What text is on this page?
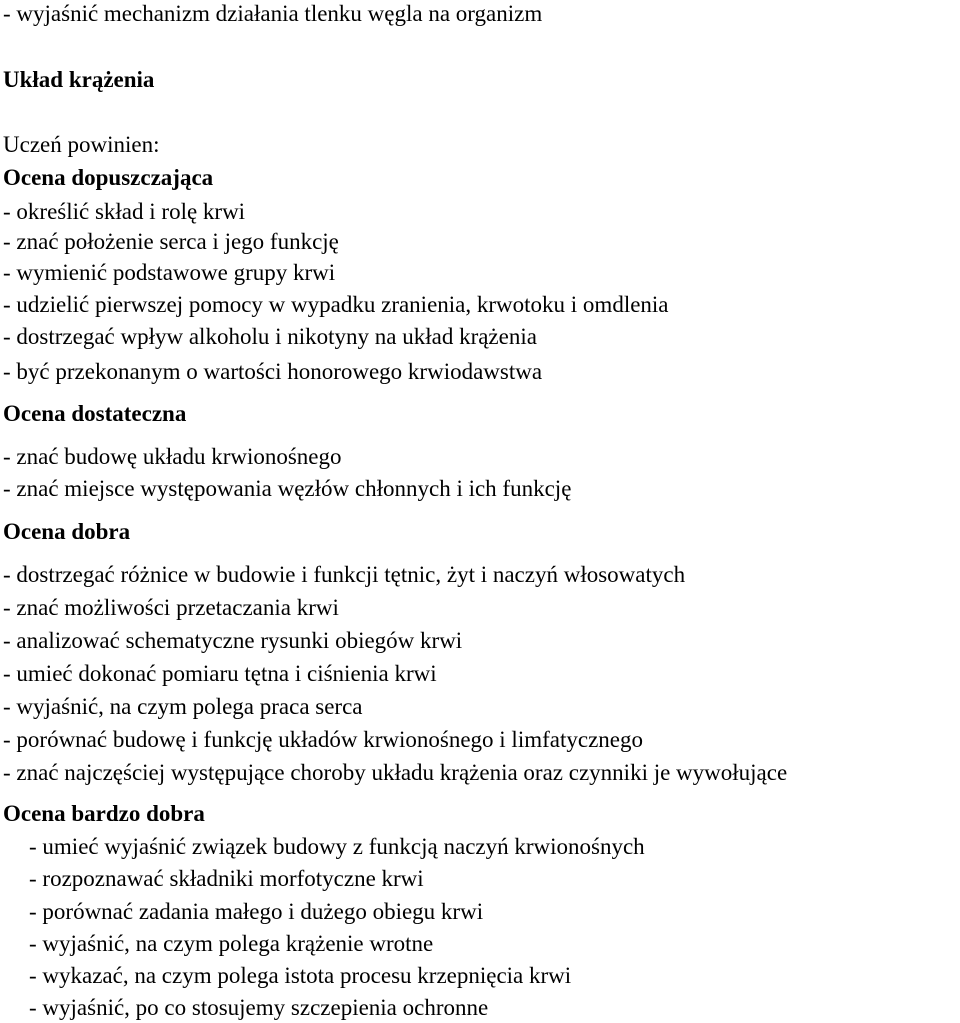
- wyjaśnić mechanizm działania tlenku węgla na organizm
Układ krążenia
Uczeń powinien:
Ocena dopuszczająca
- określić skład i rolę krwi
- znać położenie serca i jego funkcję
- wymienić podstawowe grupy krwi
- udzielić pierwszej pomocy w wypadku zranienia, krwotoku i omdlenia
- dostrzegać wpływ alkoholu i nikotyny na układ krążenia
- być przekonanym o wartości honorowego krwiodawstwa
Ocena dostateczna
- znać budowę układu krwionośnego
- znać miejsce występowania węzłów chłonnych i ich funkcję
Ocena dobra
- dostrzegać różnice w budowie i funkcji tętnic, żyt i naczyń włosowatych
- znać możliwości przetaczania krwi
- analizować schematyczne rysunki obiegów krwi
- umieć dokonać pomiaru tętna i ciśnienia krwi
- wyjaśnić, na czym polega praca serca
- porównać budowę i funkcję układów krwionośnego i limfatycznego
- znać najczęściej występujące choroby układu krążenia oraz czynniki je wywołujące
Ocena bardzo dobra
- umieć wyjaśnić związek budowy z funkcją naczyń krwionośnych
- rozpoznawać składniki morfotyczne krwi
- porównać zadania małego i dużego obiegu krwi
- wyjaśnić, na czym polega krążenie wrotne
- wykazać, na czym polega istota procesu krzepnięcia krwi
- wyjaśnić, po co stosujemy szczepienia ochronne
